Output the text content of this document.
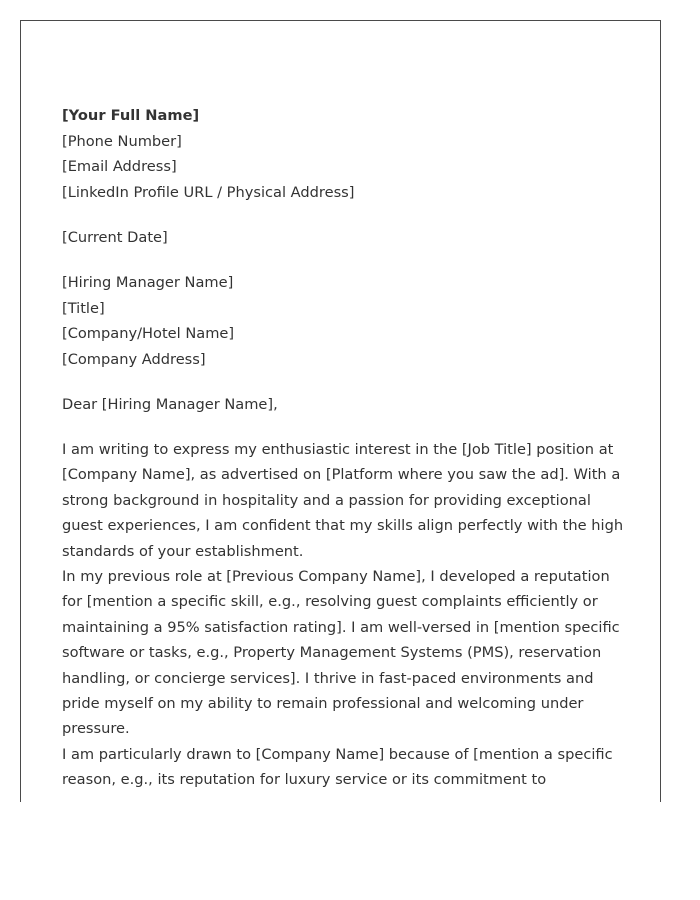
[Your Full Name]
[Phone Number]
[Email Address]
[LinkedIn Profile URL / Physical Address]
[Current Date]
[Hiring Manager Name]
[Title]
[Company/Hotel Name]
[Company Address]
Dear [Hiring Manager Name],

I am writing to express my enthusiastic interest in the [Job Title] position at [Company Name], as advertised on [Platform where you saw the ad]. With a strong background in hospitality and a passion for providing exceptional guest experiences, I am confident that my skills align perfectly with the high standards of your establishment.

In my previous role at [Previous Company Name], I developed a reputation for [mention a specific skill, e.g., resolving guest complaints efficiently or maintaining a 95% satisfaction rating]. I am well-versed in [mention specific software or tasks, e.g., Property Management Systems (PMS), reservation handling, or concierge services]. I thrive in fast-paced environments and pride myself on my ability to remain professional and welcoming under pressure.

I am particularly drawn to [Company Name] because of [mention a specific reason, e.g., its reputation for luxury service or its commitment to
